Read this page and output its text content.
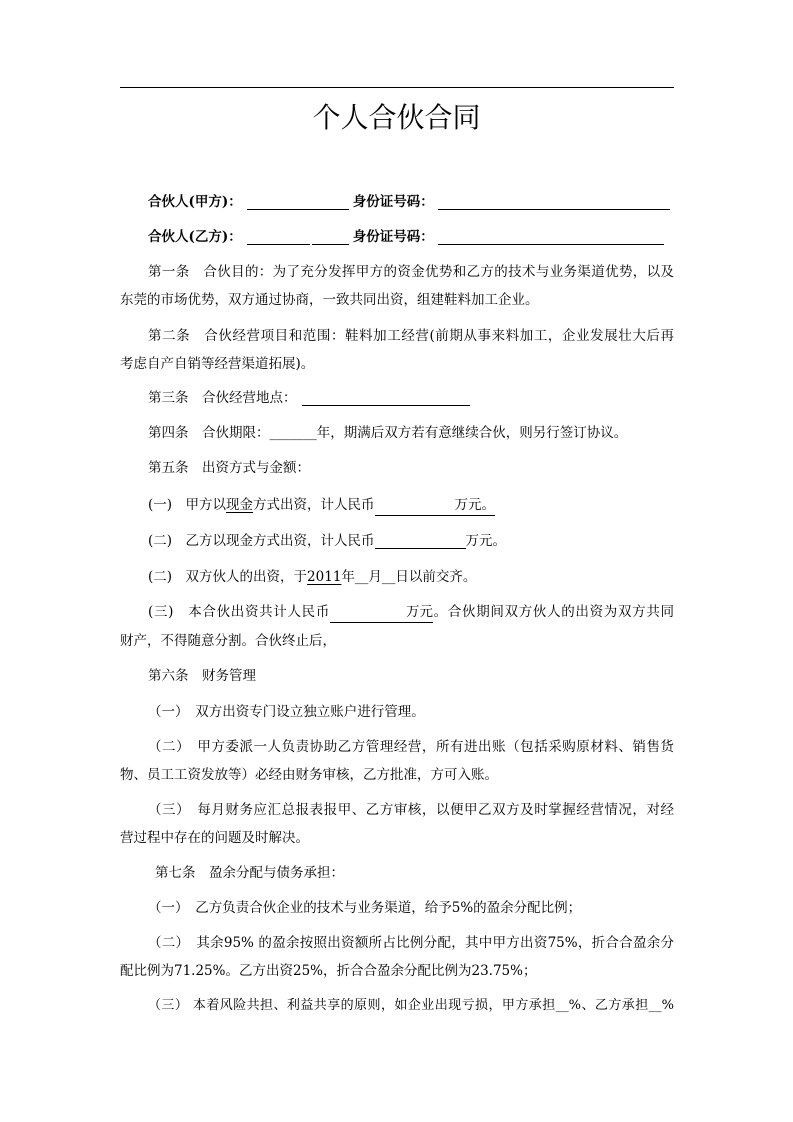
个人合伙合同
合伙人(甲方)：	身份证号码：
合伙人(乙方)：	身份证号码：
第一条　合伙目的：为了充分发挥甲方的资金优势和乙方的技术与业务渠道优势，以及
东莞的市场优势，双方通过协商，一致共同出资，组建鞋料加工企业。
第二条　合伙经营项目和范围：鞋料加工经营(前期从事来料加工，企业发展壮大后再
考虑自产自销等经营渠道拓展)。
第三条　合伙经营地点：
第四条　合伙期限：_______年，期满后双方若有意继续合伙，则另行签订协议。
第五条　出资方式与金额：
(一)　甲方以现金方式出资，计人民币	万元。
(二)　乙方以现金方式出资，计人民币	万元。
(二)　双方伙人的出资，于2011年__月__日以前交齐。
(三)　本合伙出资共计人民币	万元。合伙期间双方伙人的出资为双方共同
财产，不得随意分割。合伙终止后，
第六条　财务管理
（一）　双方出资专门设立独立账户进行管理。
（二）　甲方委派一人负责协助乙方管理经营，所有进出账（包括采购原材料、销售货
物、员工工资发放等）必经由财务审核，乙方批准，方可入账。
（三）　每月财务应汇总报表报甲、乙方审核，以便甲乙双方及时掌握经营情况，对经
营过程中存在的问题及时解决。
第七条　盈余分配与债务承担：
（一）　乙方负责合伙企业的技术与业务渠道，给予5%的盈余分配比例；
（二）　其余95% 的盈余按照出资额所占比例分配，其中甲方出资75%，折合合盈余分
配比例为71.25%。乙方出资25%，折合合盈余分配比例为23.75%；
（三） 本着风险共担、利益共享的原则，如企业出现亏损，甲方承担__%、乙方承担__%
